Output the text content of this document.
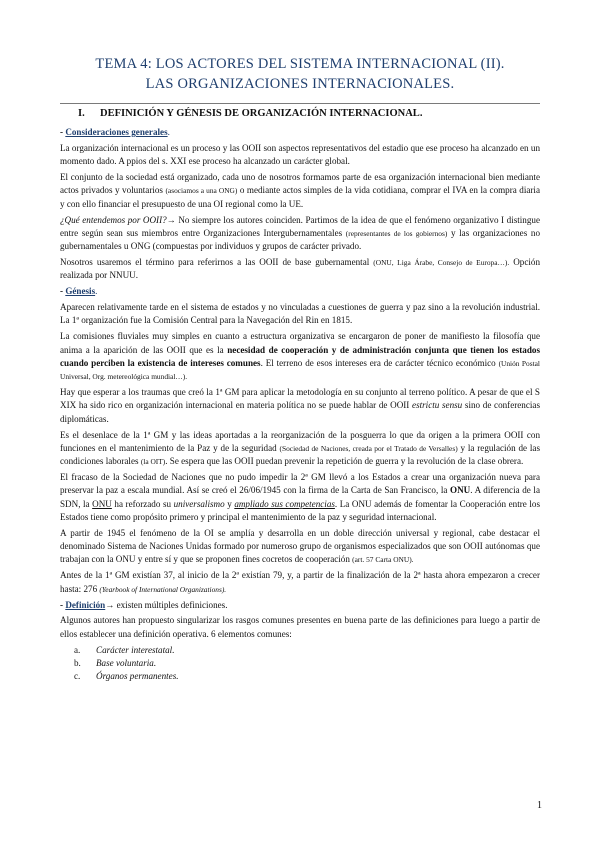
TEMA 4: LOS ACTORES DEL SISTEMA INTERNACIONAL (II).
LAS ORGANIZACIONES INTERNACIONALES.
I. DEFINICIÓN Y GÉNESIS DE ORGANIZACIÓN INTERNACIONAL.

- Consideraciones generales.

La organización internacional es un proceso y las OOII son aspectos representativos del estadio que ese proceso ha alcanzado en un momento dado. A ppios del s. XXI ese proceso ha alcanzado un carácter global.

El conjunto de la sociedad está organizado, cada uno de nosotros formamos parte de esa organización internacional bien mediante actos privados y voluntarios (asociamos a una ONG) o mediante actos simples de la vida cotidiana, comprar el IVA en la compra diaria y con ello financiar el presupuesto de una OI regional como la UE.

¿Qué entendemos por OOII?→ No siempre los autores coinciden. Partimos de la idea de que el fenómeno organizativo I distingue entre según sean sus miembros entre Organizaciones Intergubernamentales (representantes de los gobiernos) y las organizaciones no gubernamentales u ONG (compuestas por individuos y grupos de carácter privado.

Nosotros usaremos el término para referirnos a las OOII de base gubernamental (ONU, Liga Árabe, Consejo de Europa…). Opción realizada por NNUU.

- Génesis.

Aparecen relativamente tarde en el sistema de estados y no vinculadas a cuestiones de guerra y paz sino a la revolución industrial. La 1ª organización fue la Comisión Central para la Navegación del Rin en 1815.

La comisiones fluviales muy simples en cuanto a estructura organizativa se encargaron de poner de manifiesto la filosofía que anima a la aparición de las OOII que es la necesidad de cooperación y de administración conjunta que tienen los estados cuando perciben la existencia de intereses comunes. El terreno de esos intereses era de carácter técnico económico (Unión Postal Universal, Org. metereológica mundial…).

Hay que esperar a los traumas que creó la 1ª GM para aplicar la metodología en su conjunto al terreno político. A pesar de que el S XIX ha sido rico en organización internacional en materia política no se puede hablar de OOII estrictu sensu sino de conferencias diplomáticas.

Es el desenlace de la 1ª GM y las ideas aportadas a la reorganización de la posguerra lo que da origen a la primera OOII con funciones en el mantenimiento de la Paz y de la seguridad (Sociedad de Naciones, creada por el Tratado de Versalles) y la regulación de las condiciones laborales (la OIT). Se espera que las OOII puedan prevenir la repetición de guerra y la revolución de la clase obrera.

El fracaso de la Sociedad de Naciones que no pudo impedir la 2ª GM llevó a los Estados a crear una organización nueva para preservar la paz a escala mundial. Así se creó el 26/06/1945 con la firma de la Carta de San Francisco, la ONU. A diferencia de la SDN, la ONU ha reforzado su universalismo y ampliado sus competencias. La ONU además de fomentar la Cooperación entre los Estados tiene como propósito primero y principal el mantenimiento de la paz y seguridad internacional.

A partir de 1945 el fenómeno de la OI se amplía y desarrolla en un doble dirección universal y regional, cabe destacar el denominado Sistema de Naciones Unidas formado por numeroso grupo de organismos especializados que son OOII autónomas que trabajan con la ONU y entre sí y que se proponen fines cocretos de cooperación (art. 57 Carta ONU).

Antes de la 1ª GM existían 37, al inicio de la 2ª existían 79, y, a partir de la finalización de la 2ª hasta ahora empezaron a crecer hasta: 276 (Yearbook of International Organizations).

- Definición→ existen múltiples definiciones.

Algunos autores han propuesto singularizar los rasgos comunes presentes en buena parte de las definiciones para luego a partir de ellos establecer una definición operativa. 6 elementos comunes:

a. Carácter interestatal.
b. Base voluntaria.
c. Órganos permanentes.
1
